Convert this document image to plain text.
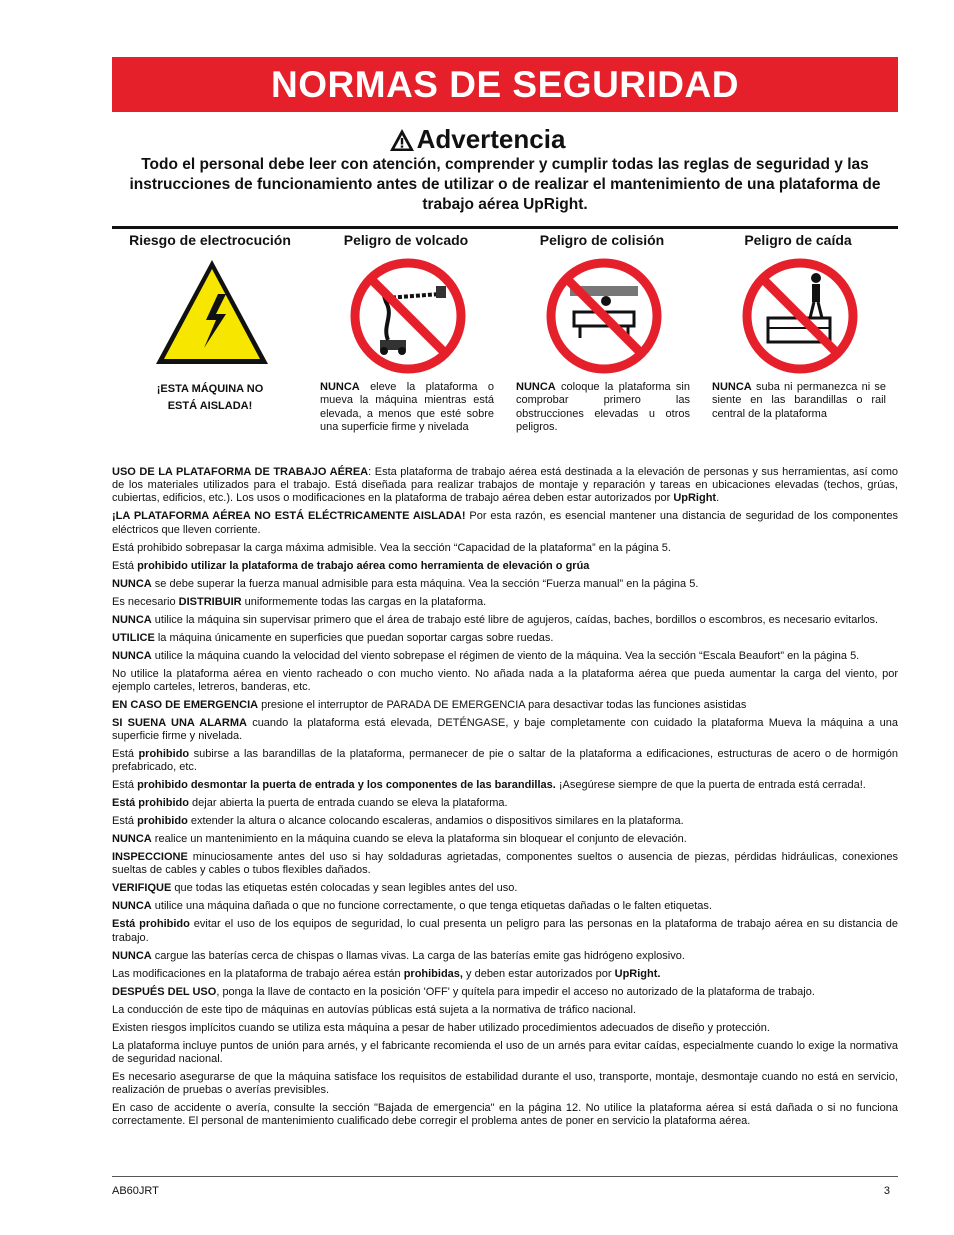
NORMAS DE SEGURIDAD
Advertencia
Todo el personal debe leer con atención, comprender y cumplir todas las reglas de seguridad y las instrucciones de funcionamiento antes de utilizar o de realizar el mantenimiento de una plataforma de trabajo aérea UpRight.
Riesgo de electrocución
¡ESTA MÁQUINA NO
ESTÁ AISLADA!
Peligro de volcado
NUNCA eleve la plataforma o mueva la máquina mientras está elevada, a menos que esté sobre una superficie firme y nivelada
Peligro de colisión
NUNCA coloque la plataforma sin comprobar primero las obstrucciones elevadas u otros peligros.
Peligro de caída
NUNCA suba ni permanezca ni se siente en las barandillas o rail central de la plataforma

USO DE LA PLATAFORMA DE TRABAJO AÉREA: Esta plataforma de trabajo aérea está destinada a la elevación de personas y sus herramientas, así como de los materiales utilizados para el trabajo. Está diseñada para realizar trabajos de montaje y reparación y tareas en ubicaciones elevadas (techos, grúas, cubiertas, edificios, etc.). Los usos o modificaciones en la plataforma de trabajo aérea deben estar autorizados por UpRight.

¡LA PLATAFORMA AÉREA NO ESTÁ ELÉCTRICAMENTE AISLADA! Por esta razón, es esencial mantener una distancia de seguridad de los componentes eléctricos que lleven corriente.

Está prohibido sobrepasar la carga máxima admisible. Vea la sección “Capacidad de la plataforma” en la página 5.

Está prohibido utilizar la plataforma de trabajo aérea como herramienta de elevación o grúa

NUNCA se debe superar la fuerza manual admisible para esta máquina. Vea la sección “Fuerza manual” en la página 5.

Es necesario DISTRIBUIR uniformemente todas las cargas en la plataforma.

NUNCA utilice la máquina sin supervisar primero que el área de trabajo esté libre de agujeros, caídas, baches, bordillos o escombros, es necesario evitarlos.

UTILICE la máquina únicamente en superficies que puedan soportar cargas sobre ruedas.

NUNCA utilice la máquina cuando la velocidad del viento sobrepase el régimen de viento de la máquina. Vea la sección “Escala Beaufort” en la página 5.

No utilice la plataforma aérea en viento racheado o con mucho viento. No añada nada a la plataforma aérea que pueda aumentar la carga del viento, por ejemplo carteles, letreros, banderas, etc.

EN CASO DE EMERGENCIA presione el interruptor de PARADA DE EMERGENCIA para desactivar todas las funciones asistidas

SI SUENA UNA ALARMA cuando la plataforma está elevada, DETÉNGASE, y baje completamente con cuidado la plataforma Mueva la máquina a una superficie firme y nivelada.

Está prohibido subirse a las barandillas de la plataforma, permanecer de pie o saltar de la plataforma a edificaciones, estructuras de acero o de hormigón prefabricado, etc.

Está prohibido desmontar la puerta de entrada y los componentes de las barandillas. ¡Asegúrese siempre de que la puerta de entrada está cerrada!.

Está prohibido dejar abierta la puerta de entrada cuando se eleva la plataforma.

Está prohibido extender la altura o alcance colocando escaleras, andamios o dispositivos similares en la plataforma.

NUNCA realice un mantenimiento en la máquina cuando se eleva la plataforma sin bloquear el conjunto de elevación.

INSPECCIONE minuciosamente antes del uso si hay soldaduras agrietadas, componentes sueltos o ausencia de piezas, pérdidas hidráulicas, conexiones sueltas de cables y cables o tubos flexibles dañados.

VERIFIQUE que todas las etiquetas estén colocadas y sean legibles antes del uso.

NUNCA utilice una máquina dañada o que no funcione correctamente, o que tenga etiquetas dañadas o le falten etiquetas.

Está prohibido evitar el uso de los equipos de seguridad, lo cual presenta un peligro para las personas en la plataforma de trabajo aérea en su distancia de trabajo.

NUNCA cargue las baterías cerca de chispas o llamas vivas. La carga de las baterías emite gas hidrógeno explosivo.

Las modificaciones en la plataforma de trabajo aérea están prohibidas, y deben estar autorizados por UpRight.

DESPUÉS DEL USO, ponga la llave de contacto en la posición 'OFF' y quítela para impedir el acceso no autorizado de la plataforma de trabajo.

La conducción de este tipo de máquinas en autovías públicas está sujeta a la normativa de tráfico nacional.

Existen riesgos implícitos cuando se utiliza esta máquina a pesar de haber utilizado procedimientos adecuados de diseño y protección.

La plataforma incluye puntos de unión para arnés, y el fabricante recomienda el uso de un arnés para evitar caídas, especialmente cuando lo exige la normativa de seguridad nacional.

Es necesario asegurarse de que la máquina satisface los requisitos de estabilidad durante el uso, transporte, montaje, desmontaje cuando no está en servicio, realización de pruebas o averías previsibles.

En caso de accidente o avería, consulte la sección "Bajada de emergencia" en la página 12. No utilice la plataforma aérea si está dañada o si no funciona correctamente. El personal de mantenimiento cualificado debe corregir el problema antes de poner en servicio la plataforma aérea.

AB60JRT	3
